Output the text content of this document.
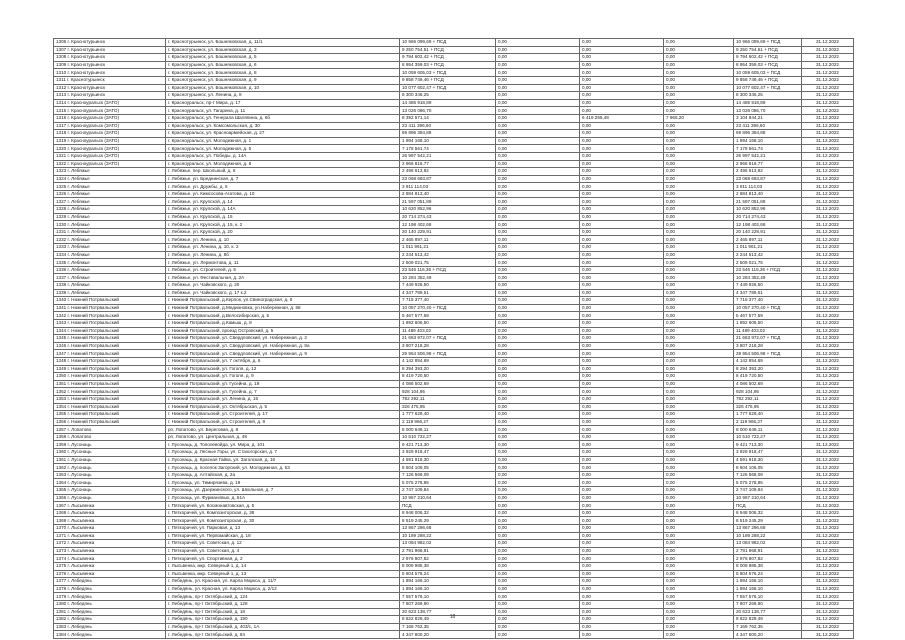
1306 г. Краснотурьинск	г. Краснотурьинск, ул. Бошняковская, д. 11/1	10 966 099,69 + ПСД	0,00	0,00	0,00	10 966 099,69 + ПСД	31.12.2022
1307 г. Краснотурьинск	г. Краснотурьинск, ул. Бошняковская, д. 3	9 250 754,51 + ПСД	0,00	0,00	0,00	9 250 754,51 + ПСД	31.12.2022
1308 г. Краснотурьинск	г. Краснотурьинск, ул. Бошняковская, д. 5	9 794 602,42 + ПСД	0,00	0,00	0,00	9 794 602,42 + ПСД	31.12.2022
1309 г. Краснотурьинск	г. Краснотурьинск, ул. Бошняковская, д. 6	8 954 359,03 + ПСД	0,00	0,00	0,00	8 954 359,03 + ПСД	31.12.2022
1310 г. Краснотурьинск	г. Краснотурьинск, ул. Бошняковская, д. 8	10 059 605,03 + ПСД	0,00	0,00	0,00	10 059 605,03 + ПСД	31.12.2022
1311 г. Краснотурьинск	г. Краснотурьинск, ул. Бошняковская, д. 9	9 858 749,46 + ПСД	0,00	0,00	0,00	9 858 749,46 + ПСД	31.12.2022
1312 г. Краснотурьинск	г. Краснотурьинск, ул. Бошняковская, д. 10	10 077 602,47 + ПСД	0,00	0,00	0,00	10 077 602,47 + ПСД	31.12.2022
1313 г. Краснотурьинск	г. Краснотурьинск, ул. Ленина, д. 8	8 300 346,25	0,00	0,00	0,00	8 300 346,25	31.12.2022
1314 г. Красноуральск (ЗАТО)	г. Красноуральск, пр-т Мира, д. 17	14 486 918,89	0,00	0,00	0,00	14 486 918,89	31.12.2022
1315 г. Красноуральск (ЗАТО)	г. Красноуральск, ул. Гагарина, д. 11	13 026 086,70	0,00	0,00	0,00	13 026 086,70	31.12.2022
1316 г. Красноуральск (ЗАТО)	г. Красноуральск, ул. Генерала Шаляпина, д. 6б	8 392 571,14	0,00	6 419 255,48	7 965,20	3 104 944,21	31.12.2022
1317 г. Красноуральск (ЗАТО)	г. Красноуральск, ул. Комсомольская, д. 30	23 411 396,60	0,00	0,00	0,00	23 411 396,60	31.12.2022
1318 г. Красноуральск (ЗАТО)	г. Красноуральск, ул. Красноармейская, д. 27	69 896 394,88	0,00	0,00	0,00	69 896 394,88	31.12.2022
1319 г. Красноуральск (ЗАТО)	г. Красноуральск, ул. Молодежная, д. 1	1 994 168,10	0,00	0,00	0,00	1 994 168,10	31.12.2022
1320 г. Красноуральск (ЗАТО)	г. Красноуральск, ул. Молодежная, д. 5	7 178 561,74	0,00	0,00	0,00	7 178 561,74	31.12.2022
1321 г. Красноуральск (ЗАТО)	г. Красноуральск, ул. Победы, д. 14А	26 997 542,21	0,00	0,00	0,00	26 997 542,21	31.12.2022
1322 г. Красноуральск (ЗАТО)	г. Красноуральск, ул. Молодежная, д. 8	2 966 816,77	0,00	0,00	0,00	2 966 816,77	31.12.2022
1323 г. Лебяжье	г. Лебяжье, пер. Школьный, д. 6	2 496 613,82	0,00	0,00	0,00	2 496 613,82	31.12.2022
1324 г. Лебяжье	г. Лебяжье, ул. Бреднинская, д. 7	23 068 693,87	0,00	0,00	0,00	23 068 693,87	31.12.2022
1325 г. Лебяжье	г. Лебяжье, ул. Дружбы, д. 5	3 911 114,03	0,00	0,00	0,00	3 911 114,03	31.12.2022
1326 г. Лебяжье	г. Лебяжье, ул. Кимсосова-Агатова, д. 10	2 884 813,40	0,00	0,00	0,00	2 884 813,40	31.12.2022
1327 г. Лебяжье	г. Лебяжье, ул. Крупской, д. 14	21 597 051,89	0,00	0,00	0,00	21 597 051,89	31.12.2022
1328 г. Лебяжье	г. Лебяжье, ул. Крупской, д. 14А	10 620 852,96	0,00	0,00	0,00	10 620 852,96	31.12.2022
1329 г. Лебяжье	г. Лебяжье, ул. Крупской, д. 15	20 714 274,43	0,00	0,00	0,00	20 714 274,43	31.12.2022
1330 г. Лебяжье	г. Лебяжье, ул. Крупской, д. 15, к. 2	12 198 402,68	0,00	0,00	0,00	12 198 402,68	31.12.2022
1331 г. Лебяжье	г. Лебяжье, ул. Крупской, д. 20	20 140 229,91	0,00	0,00	0,00	20 140 229,91	31.12.2022
1332 г. Лебяжье	г. Лебяжье, ул. Ленина, д. 10	2 465 897,11	0,00	0,00	0,00	2 465 897,11	31.12.2022
1333 г. Лебяжье	г. Лебяжье, ул. Ленина, д. 10, к. 2	1 011 961,21	0,00	0,00	0,00	1 011 961,21	31.12.2022
1334 г. Лебяжье	г. Лебяжье, ул. Ленина, д. 8б	2 244 513,42	0,00	0,00	0,00	2 244 513,42	31.12.2022
1335 г. Лебяжье	г. Лебяжье, ул. Лермонтова, д. 11	2 509 021,75	0,00	0,00	0,00	2 509 021,75	31.12.2022
1336 г. Лебяжье	г. Лебяжье, ул. Строителей, д. 5	23 546 116,36 + ПСД	0,00	0,00	0,00	23 546 116,36 + ПСД	31.12.2022
1337 г. Лебяжье	г. Лебяжье, ул. Фестивальная, д. 2А	10 284 352,49	0,00	0,00	0,00	10 284 352,49	31.12.2022
1338 г. Лебяжье	г. Лебяжье, ул. Чайковского, д. 20	7 449 926,50	0,00	0,00	0,00	7 449 926,50	31.12.2022
1339 г. Лебяжье	г. Лебяжье, ул. Чайковского, д. 17 к.2	4 347 789,51	0,00	0,00	0,00	4 347 789,51	31.12.2022
1340 г. Нижний Потрвальский	г. Нижний Потрвальский, д.Керлок, ул.Свиноградская, д. 6	7 715 377,40	0,00	0,00	0,00	7 715 377,40	31.12.2022
1341 г. Нижний Потрвальский	г. Нижний Потрвальский, д.Медиановка, ул.Набережная, д. 68	10 057 270,40 + ПСД	0,00	0,00	0,00	10 057 270,40 + ПСД	31.12.2022
1342 г. Нижний Потрвальский	г. Нижний Потрвальский, д.Велосибирская, д. 5	5 467 577,59	0,00	0,00	0,00	5 467 577,59	31.12.2022
1343 г. Нижний Потрвальский	г. Нижний Потрвальский, д.Камыш, д. 8	1 892 606,50	0,00	0,00	0,00	1 892 606,50	31.12.2022
1344 г. Нижний Потрвальский	г. Нижний Потрвальский, проезд Островский, д. 5	11 489 403,02	0,00	0,00	0,00	11 489 403,02	31.12.2022
1345 г. Нижний Потрвальский	г. Нижний Потрвальский, ул. Свердловский, ул. Набережная, д. 2	21 663 972,07 + ПСД	0,00	0,00	0,00	21 663 972,07 + ПСД	31.12.2022
1346 г. Нижний Потрвальский	г. Нижний Потрвальский, ул. Свердловский, ул. Набережная, д. 8а	3 807 218,28	0,00	0,00	0,00	3 807 218,28	31.12.2022
1347 г. Нижний Потрвальский	г. Нижний Потрвальский, ул. Свердловский, ул. Набережная, д. 9	29 954 506,98 + ПСД	0,00	0,00	0,00	29 954 506,98 + ПСД	31.12.2022
1348 г. Нижний Потрвальский	г. Нижний Потрвальский, ул. 7 октября, д. 6	4 142 854,69	0,00	0,00	0,00	4 142 854,69	31.12.2022
1349 г. Нижний Потрвальский	г. Нижний Потрвальский, ул. Гоголя, д. 12	8 294 393,20	0,00	0,00	0,00	8 294 393,20	31.12.2022
1350 г. Нижний Потрвальский	г. Нижний Потрвальский, ул. Гоголя, д. 9	8 419 720,50	0,00	0,00	0,00	8 419 720,50	31.12.2022
1351 г. Нижний Потрвальский	г. Нижний Потрвальский, ул. Гусейна, д. 19	4 086 502,69	0,00	0,00	0,00	4 086 502,69	31.12.2022
1352 г. Нижний Потрвальский	г. Нижний Потрвальский, ул. Гусейна, д. 7	928 104,95	0,00	0,00	0,00	928 104,95	31.12.2022
1353 г. Нижний Потрвальский	г. Нижний Потрвальский, ул. Ленина, д. 15	782 292,11	0,00	0,00	0,00	782 292,11	31.12.2022
1354 г. Нижний Потрвальский	г. Нижний Потрвальский, ул. Октябрьская, д. 5	326 475,95	0,00	0,00	0,00	326 475,95	31.12.2022
1355 г. Нижний Потрвальский	г. Нижний Потрвальский, ул. Строителей, д. 17	1 777 629,40	0,00	0,00	0,00	1 777 629,40	31.12.2022
1356 г. Нижний Потрвальский	г. Нижний Потрвальский, ул. Строителей, д. 8	2 119 966,27	0,00	0,00	0,00	2 119 966,27	31.12.2022
1357 г. Лопатово	рп. Лопатово, ул. Береговая, д. 8	8 000 649,11	0,00	0,00	0,00	8 000 649,11	31.12.2022
1358 г. Лопатово	рп. Лопатово, ул. Центральная, д. 48	10 510 722,27	0,00	0,00	0,00	10 510 722,27	31.12.2022
1359 г. Лусонаць	г. Лусонаць, д. Тополевойда, ул. Мира, д. 101	9 421 713,30	0,00	0,00	0,00	9 421 713,30	31.12.2022
1360 г. Лусонаць	г. Лусонаць, д. Лесные Горы, ул. Стахогорская, д. 7	3 929 918,47	0,00	0,00	0,00	3 929 918,47	31.12.2022
1361 г. Лусонаць	г. Лусонаць, д. Красная Гайка, ул. Заголская, д. 16	4 591 918,30	0,00	0,00	0,00	4 591 918,30	31.12.2022
1362 г. Лусонаць	г. Лусонаць, д. поселок Загорский, ул. Молодежная, д. 53	8 604 106,05	0,00	0,00	0,00	8 604 106,05	31.12.2022
1363 г. Лусонаць	г. Лусонаць, д. Алтайская, д. 2а	7 126 568,09	0,00	0,00	0,00	7 126 568,09	31.12.2022
1364 г. Лусонаць	г. Лусонаць, ул. Тимирязева, д. 19	5 075 278,85	0,00	0,00	0,00	5 075 278,85	31.12.2022
1365 г. Лусонаць	г. Лусонаць, ул. Дзержинского, ул. Школьная, д. 7	2 747 109,84	0,00	0,00	0,00	2 747 109,84	31.12.2022
1366 г. Лусонаць	г. Лусонаць, ул. Фурмановых, д. 51А	10 967 210,64	0,00	0,00	0,00	10 967 210,64	31.12.2022
1367 г. Лысьвенка	г. Пяткорачей, ул. Космонавтовская, д. 5	ПСД	0,00	0,00	0,00	ПСД	31.12.2022
1368 г. Лысьвенка	г. Пяткорачей, ул. Композиторская, д. 38	8 948 006,32	0,00	0,00	0,00	8 948 006,32	31.12.2022
1369 г. Лысьвенка	г. Пяткорачей, ул. Композиторская, д. 30	8 519 245,29	0,00	0,00	0,00	8 519 245,29	31.12.2022
1370 г. Лысьвенка	г. Пяткорачей, ул. Парковая, д. 13	13 867 296,68	0,00	0,00	0,00	13 867 296,68	31.12.2022
1371 г. Лысьвенка	г. Пяткорачей, ул. Первомайская, д. 18	10 189 288,22	0,00	0,00	0,00	10 189 288,22	31.12.2022
1372 г. Лысьвенка	г. Пяткорачей, ул. Советская, д. 12	13 084 982,02	0,00	0,00	0,00	13 084 982,02	31.12.2022
1373 г. Лысьвенка	г. Пяткорачей, ул. Советская, д. 4	2 791 968,91	0,00	0,00	0,00	2 791 968,91	31.12.2022
1374 г. Лысьвенка	г. Пяткорачей, ул. Спортивная, д. 2	2 976 807,82	0,00	0,00	0,00	2 976 807,82	31.12.2022
1375 г. Лысьвенка	г. Лысьвенка, мкр. Северный 1, д. 14	8 009 985,38	0,00	0,00	0,00	8 009 985,38	31.12.2022
1376 г. Лысьвенка	г. Лысьвенка, мкр. Северный 1, д. 13	5 804 576,24	0,00	0,00	0,00	5 804 576,24	31.12.2022
1377 г. Лебедянь	г. Лебедянь, ул. Красная, ул. Карла Маркса, д. 11/7	1 894 166,10	0,00	0,00	0,00	1 894 166,10	31.12.2022
1378 г. Лебедянь	г. Лебедянь, ул. Красная, ул. Карла Маркса, д. 2/12	1 894 166,10	0,00	0,00	0,00	1 894 166,10	31.12.2022
1379 г. Лебедянь	г. Лебедянь, пр-т Октябрьский, д. 124	7 557 576,10	0,00	0,00	0,00	7 557 576,10	31.12.2022
1380 г. Лебедянь	г. Лебедянь, пр-т Октябрьский, д. 128	7 807 269,90	0,00	0,00	0,00	7 807 269,90	31.12.2022
1381 г. Лебедянь	г. Лебедянь, пр-т Октябрьский, д. 18	20 623 138,77	0,00	0,00	0,00	20 623 138,77	31.12.2022
1382 г. Лебедянь	г. Лебедянь, пр-т Октябрьский, д. 190	8 822 829,49	0,00	0,00	0,00	8 822 829,49	31.12.2022
1383 г. Лебедянь	г. Лебедянь, пр-т Октябрьский, д. 403/с, 1А	7 168 762,35	0,00	0,00	0,00	7 168 762,35	31.12.2022
1384 г. Лебедянь	г. Лебедянь, пр-т Октябрьский, д. 84	4 347 800,20	0,00	0,00	0,00	4 347 800,20	31.12.2022
18
